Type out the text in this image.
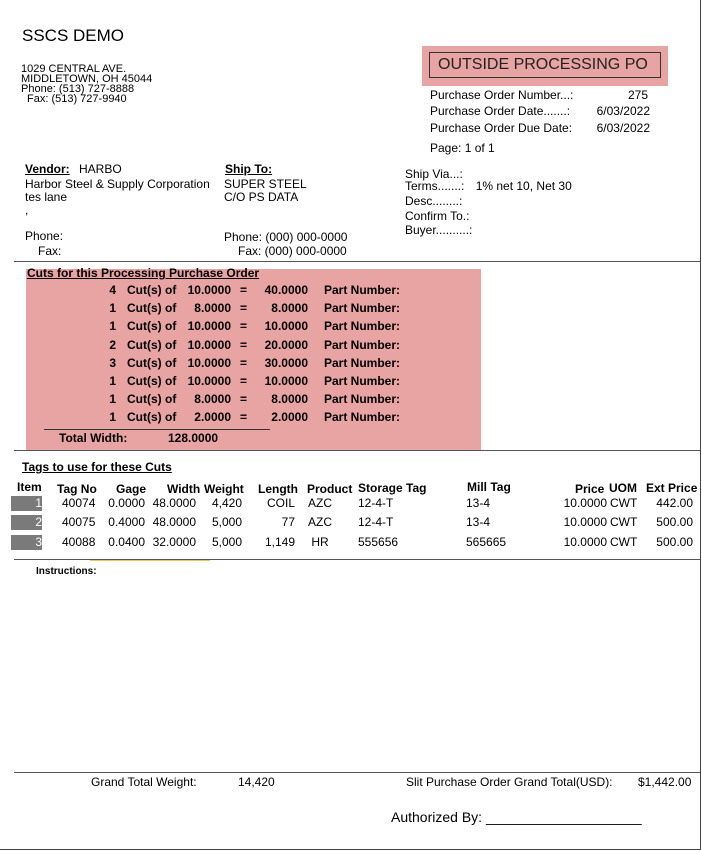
SSCS DEMO
1029 CENTRAL AVE.
MIDDLETOWN, OH 45044
Phone: (513) 727-8888
Fax: (513) 727-9940
OUTSIDE PROCESSING PO
Purchase Order Number...:	275
Purchase Order Date.......: 6/03/2022
Purchase Order Due Date: 6/03/2022
Page: 1 of 1
Vendor: HARBO
Harbor Steel & Supply Corporation
tes lane
,
Phone:
Fax:
Ship To:
SUPER STEEL
C/O PS DATA
Phone: (000) 000-0000
Fax: (000) 000-0000
Ship Via...:
Terms.......: 1% net 10, Net 30
Desc........:
Confirm To.:
Buyer..........:
Cuts for this Processing Purchase Order
4 Cut(s) of 10.0000 =	40.0000 Part Number:
1 Cut(s) of	8.0000 =	8.0000 Part Number:
1 Cut(s) of 10.0000 =	10.0000 Part Number:
2 Cut(s) of 10.0000 =	20.0000 Part Number:
3 Cut(s) of 10.0000 =	30.0000 Part Number:
1 Cut(s) of 10.0000 =	10.0000 Part Number:
1 Cut(s) of	8.0000 =	8.0000 Part Number:
1 Cut(s) of	2.0000 =	2.0000 Part Number:
Total Width:	128.0000
Tags to use for these Cuts
Item Tag No Gage Width Weight Length Product Storage Tag	Mill Tag	Price UOM Ext Price
1 40074	0.0000 48.0000	4,420	COIL	AZC	12-4-T	13-4	10.0000 CWT	442.00
2 40075	0.4000 48.0000	5,000	77	AZC	12-4-T	13-4	10.0000 CWT	500.00
3 40088	0.0400 32.0000	5,000	1,149	HR	555656	565665	10.0000 CWT	500.00
Instructions:
Grand Total Weight:	14,420	Slit Purchase Order Grand Total(USD): $1,442.00
Authorized By: ____________________
